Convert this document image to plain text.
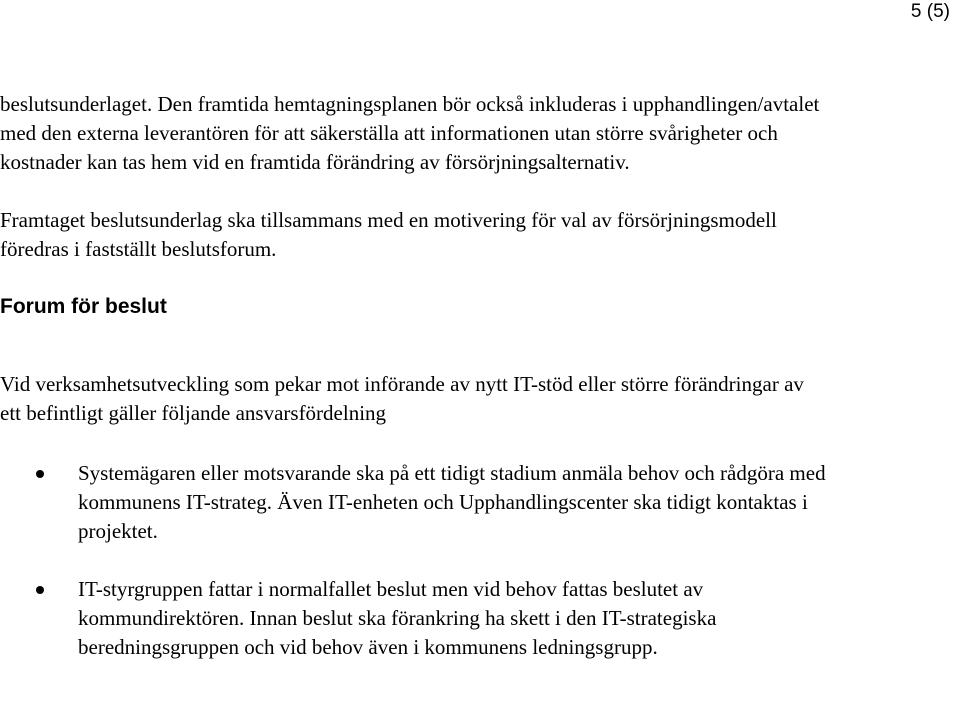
5 (5)

beslutsunderlaget. Den framtida hemtagningsplanen bör också inkluderas i upphandlingen/avtalet med den externa leverantören för att säkerställa att informationen utan större svårigheter och kostnader kan tas hem vid en framtida förändring av försörjningsalternativ.

Framtaget beslutsunderlag ska tillsammans med en motivering för val av försörjningsmodell föredras i fastställt beslutsforum.

Forum för beslut

Vid verksamhetsutveckling som pekar mot införande av nytt IT-stöd eller större förändringar av ett befintligt gäller följande ansvarsfördelning

Systemägaren eller motsvarande ska på ett tidigt stadium anmäla behov och rådgöra med kommunens IT-strateg. Även IT-enheten och Upphandlingscenter ska tidigt kontaktas i projektet.
IT-styrgruppen fattar i normalfallet beslut men vid behov fattas beslutet av kommundirektören. Innan beslut ska förankring ha skett i den IT-strategiska beredningsgruppen och vid behov även i kommunens ledningsgrupp.
